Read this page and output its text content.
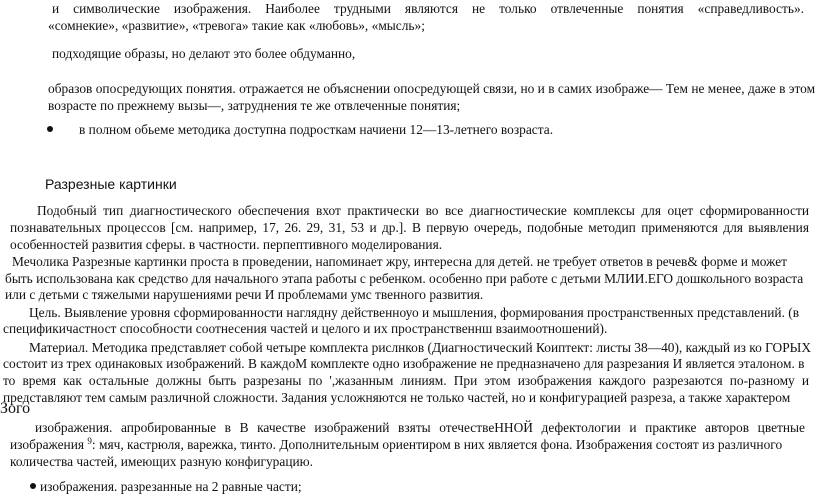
и символические изображения. Наиболее трудными являются не только отвлеченные понятия «справедливость».
«сомнекие», «развитие», «тревога» такие как «любовь», «мысль»;
подходящие образы, но делают это более обдуманно,
образов опосредующих понятия. отражается не объяснении опосредующей связи, но и в самих изображе— Тем не менее, даже в этом
возрасте по прежнему вызы—, затруднения те же отвлеченные понятия;
в полном обьеме методика доступна подросткам начиени 12—13-летнего возраста.
Разрезные картинки
Подобный тип диагностического обеспечения вхот практически во все диагностические комплексы для оцет сформированности
познавательных процессов [см. например, 17, 26. 29, 31, 53 и др.]. В первую очередь, подобные методип применяются для выявления
особенностей развития сферы. в частности. перпептивного моделирования.
Мечолика Разрезные картинки проста в проведении, напоминает жру, интересна для детей. не требует ответов в речев& форме и может
быть использована как средство для начального этапа работы с ребенком. особенно при работе с детьми МЛИИ.ЕГО дошкольного возраста
или с детьми с тяжелыми нарушениями речи И проблемами умс твенного развития.
Цель. Выявление уровня сформированности наглядну действенноуо и мышления, формирования пространственных представлений. (в
спецификичастност способности соотнесения частей и целого и их пространственнш взаимоотношений).
Материал. Методика представляет собой четыре комплекта рислнков (Диагностический Коиптект: листы 38—40), каждый из ко ГОРЫХ
состоит из трех одинаковых изображений. В каждоМ комплекте одно изображение не предназначено для разрезания И является эталоном. в
то время как остальные должны быть разрезаны по ',жазанным линиям. При этом изображения каждого разрезаются по-разному и
представляют тем самым различной сложности. Задания усложняются не только частей, но и конфигурацией разреза, а также характером
Зого
изображения. апробированные в В качестве изображений взяты отечествеННОЙ дефектологии и практике авторов цветные
изображения $^9$: мяч, кастрюля, варежка, тинто. Дополнительным ориентиром в них является фона. Изображения состоят из различного
количества частей, имеющих разную конфигурацию.
изображения. разрезанные на 2 равные части;
